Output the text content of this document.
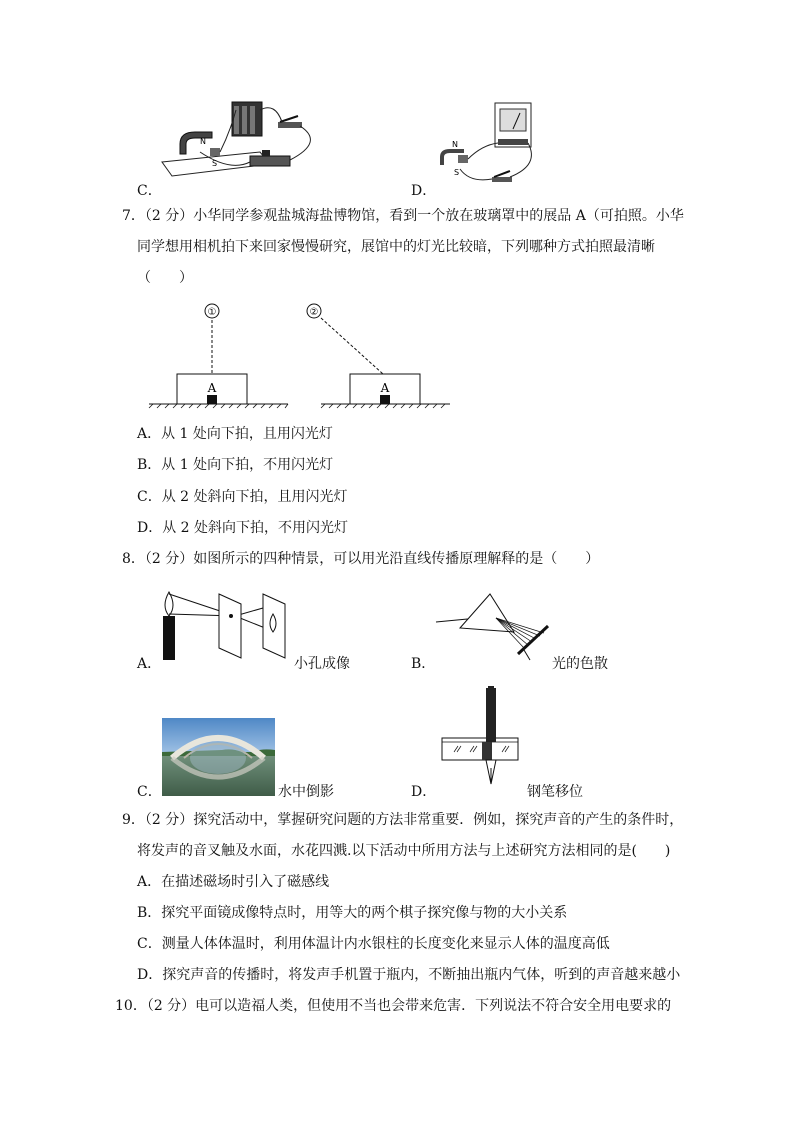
N
S
C．
N
S
D．
7．（2 分）小华同学参观盐城海盐博物馆，看到一个放在玻璃罩中的展品 A（可拍照。小华
同学想用相机拍下来回家慢慢研究，展馆中的灯光比较暗，下列哪种方式拍照最清晰
（　　）
①
A
②
A
A．从 1 处向下拍，且用闪光灯
B．从 1 处向下拍，不用闪光灯
C．从 2 处斜向下拍，且用闪光灯
D．从 2 处斜向下拍，不用闪光灯
8．（2 分）如图所示的四种情景，可以用光沿直线传播原理解释的是（　　）
A．	小孔成像	B．	光的色散
C．	水中倒影	D．	钢笔移位
9．（2 分）探究活动中，掌握研究问题的方法非常重要．例如，探究声音的产生的条件时，
将发声的音叉触及水面，水花四溅.以下活动中所用方法与上述研究方法相同的是(　　)
A．在描述磁场时引入了磁感线
B．探究平面镜成像特点时，用等大的两个棋子探究像与物的大小关系
C．测量人体体温时，利用体温计内水银柱的长度变化来显示人体的温度高低
D．探究声音的传播时，将发声手机置于瓶内，不断抽出瓶内气体，听到的声音越来越小
10．（2 分）电可以造福人类，但使用不当也会带来危害．下列说法不符合安全用电要求的
